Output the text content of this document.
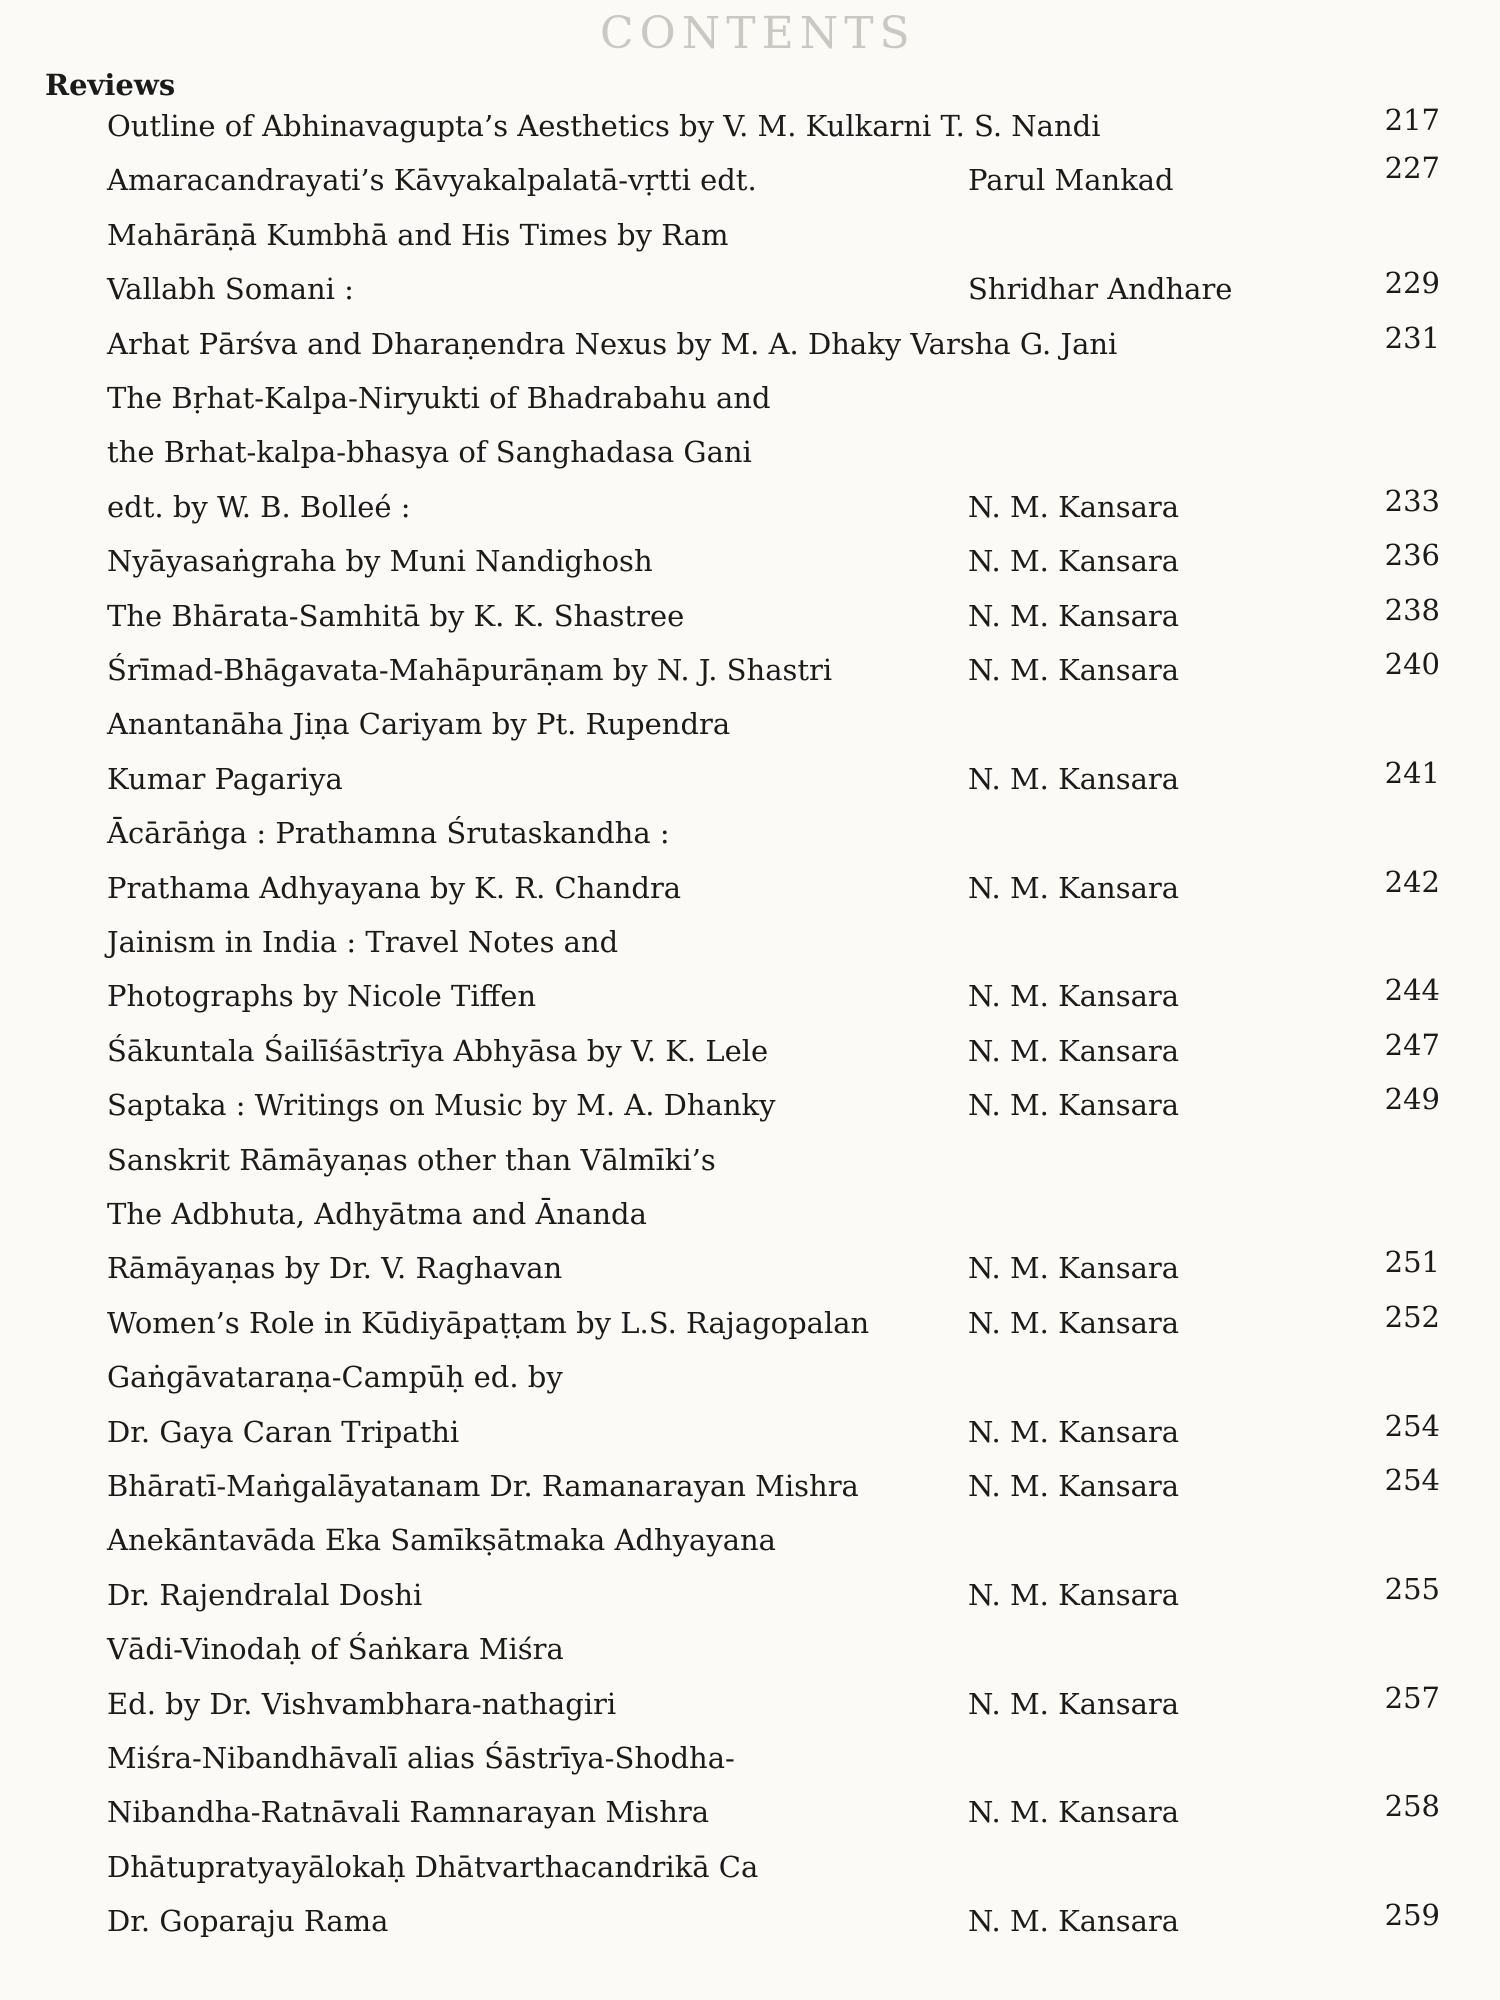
CONTENTS
Reviews
Outline of Abhinavagupta’s Aesthetics by V. M. Kulkarni T. S. Nandi	217
Amaracandrayati’s Kāvyakalpalatā-vṛtti edt.	Parul Mankad	227
Mahārāṇā Kumbhā and His Times by Ram
Vallabh Somani :	Shridhar Andhare	229
Arhat Pārśva and Dharaṇendra Nexus by M. A. Dhaky Varsha G. Jani	231
The Bṛhat-Kalpa-Niryukti of Bhadrabahu and
the Brhat-kalpa-bhasya of Sanghadasa Gani
edt. by W. B. Bolleé :	N. M. Kansara	233
Nyāyasaṅgraha by Muni Nandighosh	N. M. Kansara	236
The Bhārata-Samhitā by K. K. Shastree	N. M. Kansara	238
Śrīmad-Bhāgavata-Mahāpurāṇam by N. J. Shastri	N. M. Kansara	240
Anantanāha Jiṇa Cariyam by Pt. Rupendra
Kumar Pagariya	N. M. Kansara	241
Ācārāṅga : Prathamna Śrutaskandha :
Prathama Adhyayana by K. R. Chandra	N. M. Kansara	242
Jainism in India : Travel Notes and
Photographs by Nicole Tiffen	N. M. Kansara	244
Śākuntala Śailīśāstrīya Abhyāsa by V. K. Lele	N. M. Kansara	247
Saptaka : Writings on Music by M. A. Dhanky	N. M. Kansara	249
Sanskrit Rāmāyaṇas other than Vālmīki’s
The Adbhuta, Adhyātma and Ānanda
Rāmāyaṇas by Dr. V. Raghavan	N. M. Kansara	251
Women’s Role in Kūdiyāpaṭṭam by L.S. Rajagopalan	N. M. Kansara	252
Gaṅgāvataraṇa-Campūḥ ed. by
Dr. Gaya Caran Tripathi	N. M. Kansara	254
Bhāratī-Maṅgalāyatanam Dr. Ramanarayan Mishra	N. M. Kansara	254
Anekāntavāda Eka Samīkṣātmaka Adhyayana
Dr. Rajendralal Doshi	N. M. Kansara	255
Vādi-Vinodaḥ of Śaṅkara Miśra
Ed. by Dr. Vishvambhara-nathagiri	N. M. Kansara	257
Miśra-Nibandhāvalī alias Śāstrīya-Shodha-
Nibandha-Ratnāvali Ramnarayan Mishra	N. M. Kansara	258
Dhātupratyayālokaḥ Dhātvarthacandrikā Ca
Dr. Goparaju Rama	N. M. Kansara	259
